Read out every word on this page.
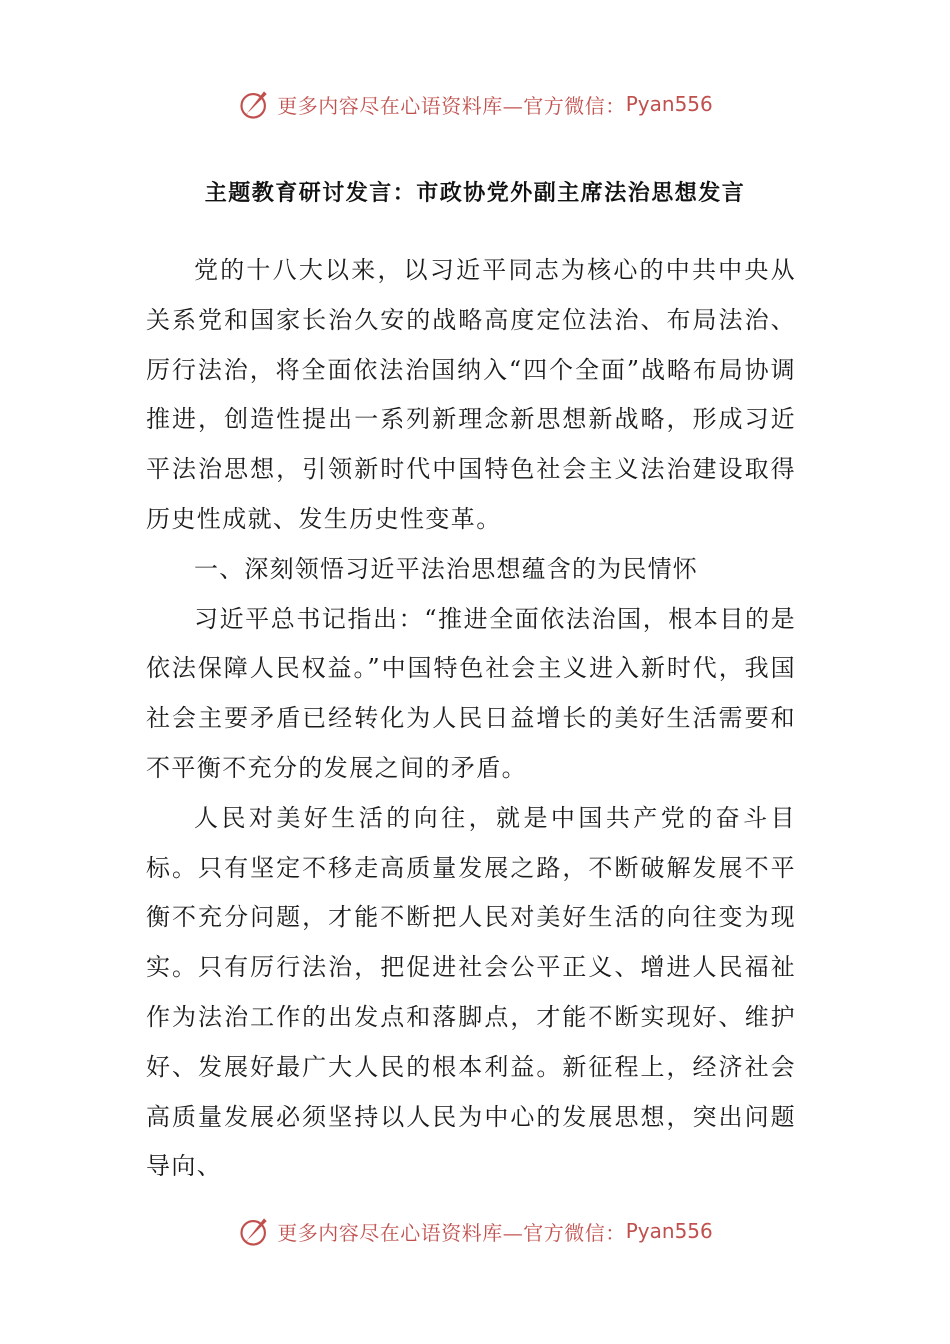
更多内容尽在心语资料库—官方微信： Pyan556
主题教育研讨发言：市政协党外副主席法治思想发言

党的十八大以来，以习近平同志为核心的中共中央从关系党和国家长治久安的战略高度定位法治、布局法治、厉行法治，将全面依法治国纳入“四个全面”战略布局协调推进，创造性提出一系列新理念新思想新战略，形成习近平法治思想，引领新时代中国特色社会主义法治建设取得历史性成就、发生历史性变革。

一、深刻领悟习近平法治思想蕴含的为民情怀

习近平总书记指出：“推进全面依法治国，根本目的是依法保障人民权益。”中国特色社会主义进入新时代，我国社会主要矛盾已经转化为人民日益增长的美好生活需要和不平衡不充分的发展之间的矛盾。

人民对美好生活的向往，就是中国共产党的奋斗目标。只有坚定不移走高质量发展之路，不断破解发展不平衡不充分问题，才能不断把人民对美好生活的向往变为现实。只有厉行法治，把促进社会公平正义、增进人民福祉作为法治工作的出发点和落脚点，才能不断实现好、维护好、发展好最广大人民的根本利益。新征程上，经济社会高质量发展必须坚持以人民为中心的发展思想，突出问题导向、

更多内容尽在心语资料库—官方微信： Pyan556
